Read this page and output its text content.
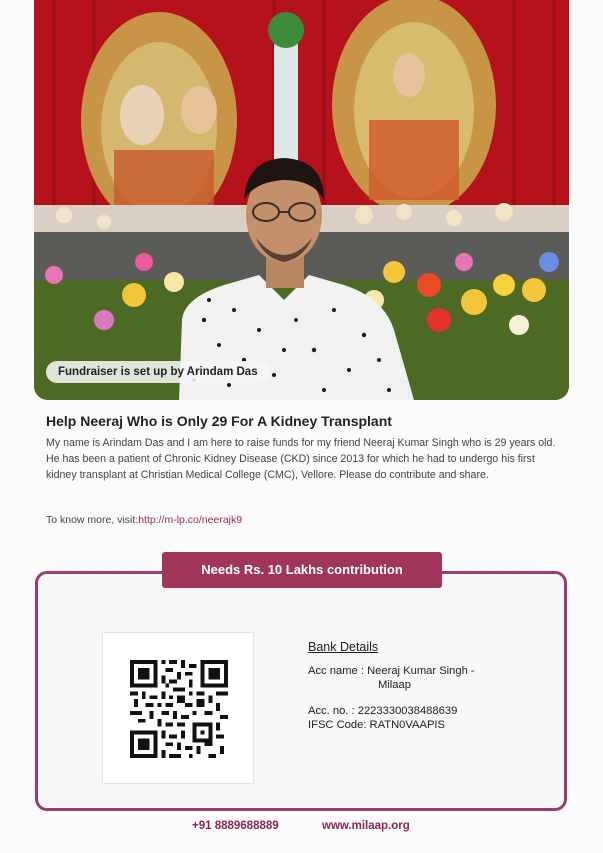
Fundraiser is set up by Arindam Das
Help Neeraj Who is Only 29 For A Kidney Transplant
My name is Arindam Das and I am here to raise funds for my friend Neeraj Kumar Singh who is 29 years old. He has been a patient of Chronic Kidney Disease (CKD) since 2013 for which he had to undergo his first kidney transplant at Christian Medical College (CMC), Vellore. Please do contribute and share.
To know more, visit:http://m-lp.co/neerajk9
Needs Rs. 10 Lakhs contribution
Bank Details
Acc name : Neeraj Kumar Singh -
Milaap
Acc. no. : 2223330038488639
IFSC Code: RATN0VAAPIS
+91 8889688889	www.milaap.org
